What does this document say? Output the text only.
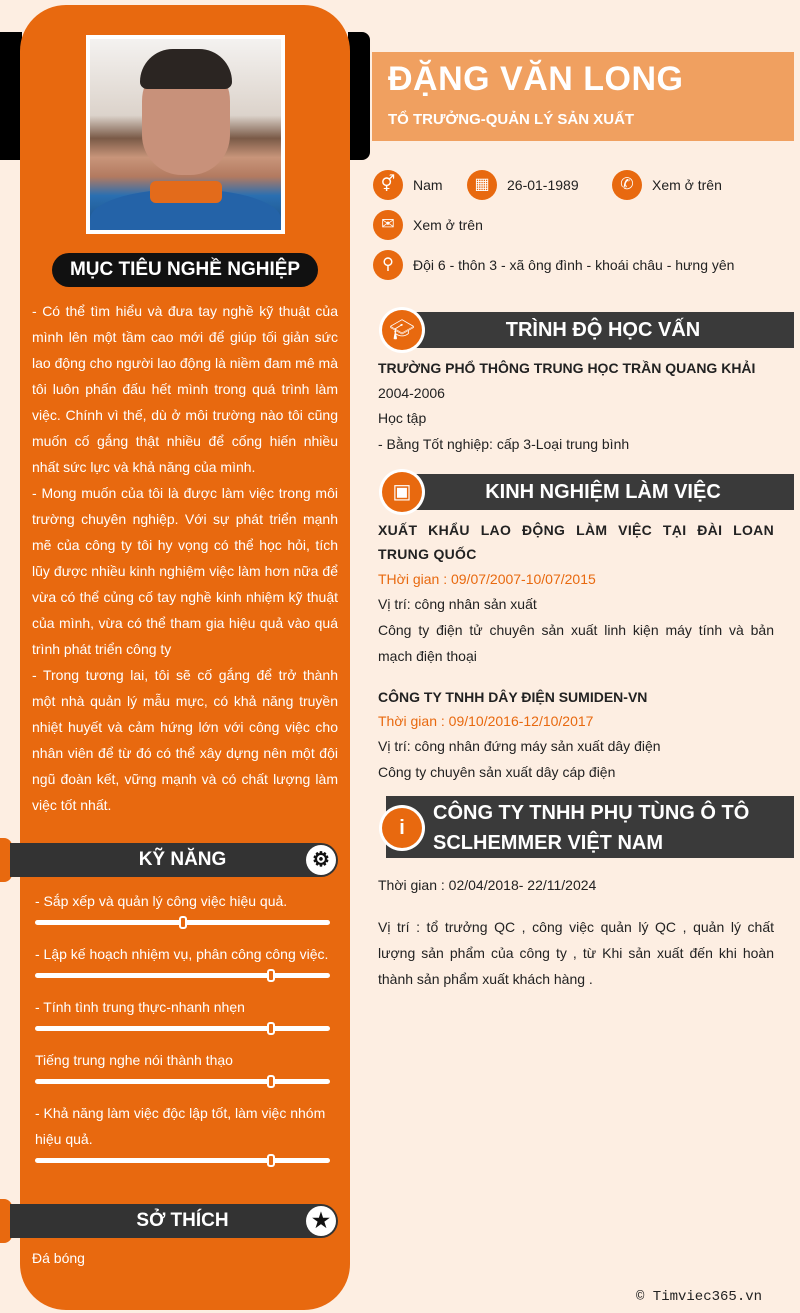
MỤC TIÊU NGHỀ NGHIỆP

- Có thể tìm hiểu và đưa tay nghề kỹ thuật của mình lên một tầm cao mới để giúp tối giản sức lao động cho người lao động là niềm đam mê mà tôi luôn phấn đấu hết mình trong quá trình làm việc. Chính vì thế, dù ở môi trường nào tôi cũng muốn cố gắng thật nhiều để cống hiến nhiều nhất sức lực và khả năng của mình.

- Mong muốn của tôi là được làm việc trong môi trường chuyên nghiệp. Với sự phát triển mạnh mẽ của công ty tôi hy vọng có thể học hỏi, tích lũy được nhiều kinh nghiệm việc làm hơn nữa để vừa có thể củng cố tay nghề kinh nhiệm kỹ thuật của mình, vừa có thể tham gia hiệu quả vào quá trình phát triển công ty

- Trong tương lai, tôi sẽ cố gắng để trở thành một nhà quản lý mẫu mực, có khả năng truyền nhiệt huyết và cảm hứng lớn với công việc cho nhân viên để từ đó có thể xây dựng nên một đội ngũ đoàn kết, vững mạnh và có chất lượng làm việc tốt nhất.

KỸ NĂNG	⚙
- Sắp xếp và quản lý công việc hiệu quả.
- Lập kế hoạch nhiệm vụ, phân công công việc.
- Tính tình trung thực-nhanh nhẹn
Tiếng trung nghe nói thành thạo
- Khả năng làm việc độc lập tốt, làm việc nhóm hiệu quả.
SỞ THÍCH	★
Đá bóng
ĐẶNG VĂN LONG
TỔ TRƯỞNG-QUẢN LÝ SẢN XUẤT
⚥	Nam	▦	26-01-1989	✆	Xem ở trên
✉	Xem ở trên
⚲	Đội 6 - thôn 3 - xã ông đình - khoái châu - hưng yên
TRÌNH ĐỘ HỌC VẤN
🎓︎
TRƯỜNG PHỔ THÔNG TRUNG HỌC TRẦN QUANG KHẢI
2004-2006
Học tập
- Bằng Tốt nghiệp: cấp 3-Loại trung bình
KINH NGHIỆM LÀM VIỆC
▣
XUẤT KHẨU LAO ĐỘNG LÀM VIỆC TẠI ĐÀI LOAN TRUNG QUỐC
THời gian : 09/07/2007-10/07/2015
Vị trí: công nhân sản xuất
Công ty điện tử chuyên sản xuất linh kiện máy tính và bản mạch điện thoại
CÔNG TY TNHH DÂY ĐIỆN SUMIDEN-VN
Thời gian : 09/10/2016-12/10/2017
Vị trí: công nhân đứng máy sản xuất dây điện
Công ty chuyên sản xuất dây cáp điện
CÔNG TY TNHH PHỤ TÙNG Ô TÔ
SCLHEMMER VIỆT NAM
i
Thời gian : 02/04/2018- 22/11/2024
Vị trí : tổ trưởng QC , công việc quản lý QC , quản lý chất lượng sản phẩm của công ty , từ Khi sản xuất đến khi hoàn thành sản phẩm xuất khách hàng .
© Timviec365.vn
